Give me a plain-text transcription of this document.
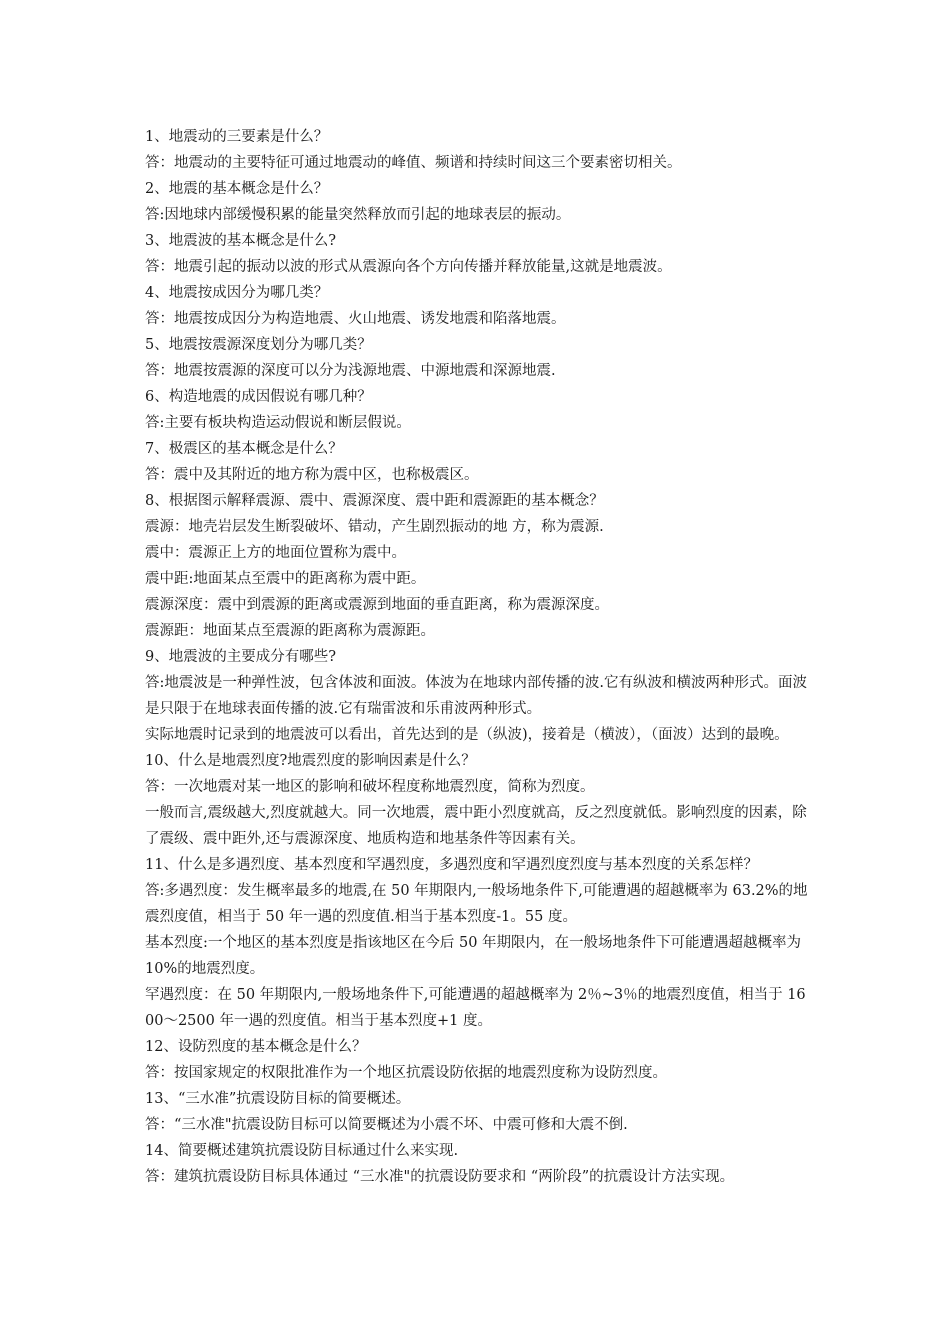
1、地震动的三要素是什么？

答：地震动的主要特征可通过地震动的峰值、频谱和持续时间这三个要素密切相关。

2、地震的基本概念是什么？

答:因地球内部缓慢积累的能量突然释放而引起的地球表层的振动。

3、地震波的基本概念是什么?

答：地震引起的振动以波的形式从震源向各个方向传播并释放能量,这就是地震波。

4、地震按成因分为哪几类？

答：地震按成因分为构造地震、火山地震、诱发地震和陷落地震。

5、地震按震源深度划分为哪几类？

答：地震按震源的深度可以分为浅源地震、中源地震和深源地震.

6、构造地震的成因假说有哪几种？

答:主要有板块构造运动假说和断层假说。

7、极震区的基本概念是什么？

答：震中及其附近的地方称为震中区，也称极震区。

8、根据图示解释震源、震中、震源深度、震中距和震源距的基本概念？

震源：地壳岩层发生断裂破坏、错动，产生剧烈振动的地 方，称为震源.

震中：震源正上方的地面位置称为震中。

震中距:地面某点至震中的距离称为震中距。

震源深度：震中到震源的距离或震源到地面的垂直距离，称为震源深度。

震源距：地面某点至震源的距离称为震源距。

9、地震波的主要成分有哪些?

答:地震波是一种弹性波，包含体波和面波。体波为在地球内部传播的波.它有纵波和横波两种形式。面波是只限于在地球表面传播的波.它有瑞雷波和乐甫波两种形式。

实际地震时记录到的地震波可以看出，首先达到的是（纵波)，接着是（横波），（面波）达到的最晚。

10、什么是地震烈度?地震烈度的影响因素是什么？

答：一次地震对某一地区的影响和破坏程度称地震烈度，简称为烈度。

一般而言,震级越大,烈度就越大。同一次地震，震中距小烈度就高，反之烈度就低。影响烈度的因素，除了震级、震中距外,还与震源深度、地质构造和地基条件等因素有关。

11、什么是多遇烈度、基本烈度和罕遇烈度，多遇烈度和罕遇烈度烈度与基本烈度的关系怎样？

答:多遇烈度：发生概率最多的地震,在 50 年期限内,一般场地条件下,可能遭遇的超越概率为 63.2%的地震烈度值，相当于 50 年一遇的烈度值.相当于基本烈度-1。55 度。

基本烈度:一个地区的基本烈度是指该地区在今后 50 年期限内，在一般场地条件下可能遭遇超越概率为 10%的地震烈度。

罕遇烈度：在 50 年期限内,一般场地条件下,可能遭遇的超越概率为 2％~3％的地震烈度值，相当于 1600～2500 年一遇的烈度值。相当于基本烈度+1 度。

12、设防烈度的基本概念是什么？

答：按国家规定的权限批准作为一个地区抗震设防依据的地震烈度称为设防烈度。

13、“三水准”抗震设防目标的简要概述。

答：“三水准"抗震设防目标可以简要概述为小震不坏、中震可修和大震不倒.

14、简要概述建筑抗震设防目标通过什么来实现.

答：建筑抗震设防目标具体通过 “三水准"的抗震设防要求和 “两阶段”的抗震设计方法实现。
